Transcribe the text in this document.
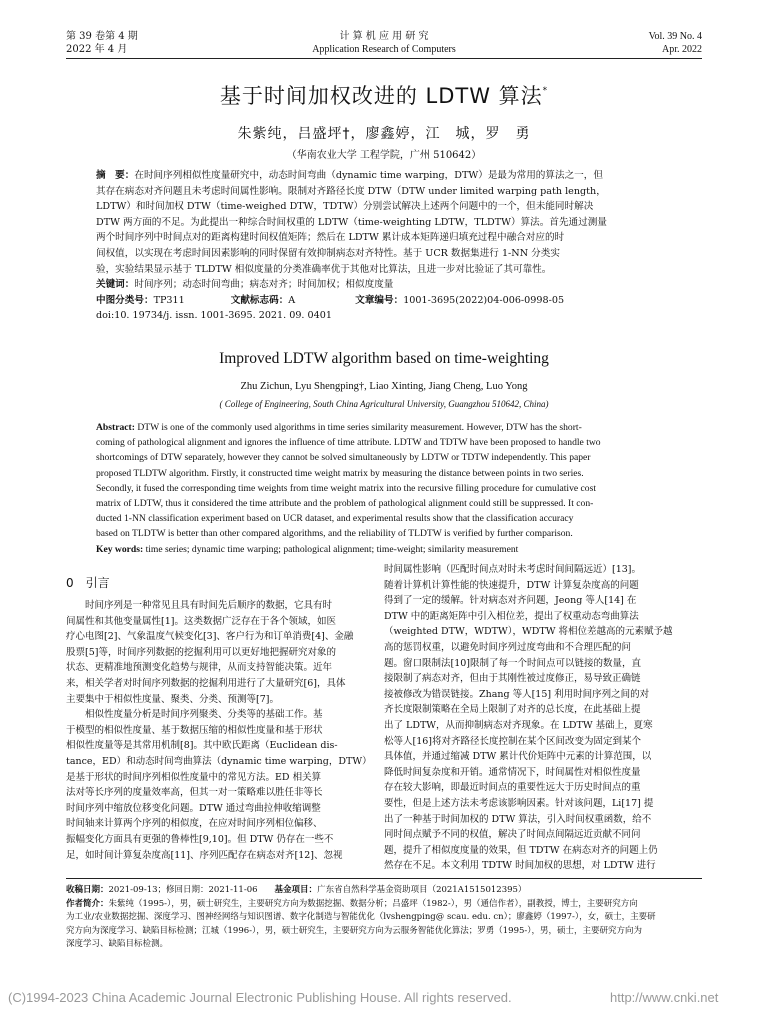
第 39 卷第 4 期
2022 年 4 月
计 算 机 应 用 研 究
Application Research of Computers
Vol. 39 No. 4
Apr. 2022
基于时间加权改进的 LDTW 算法*
朱紫纯，吕盛坪†，廖鑫婷，江　城，罗　勇
（华南农业大学 工程学院，广州 510642）
摘　要：在时间序列相似性度量研究中，动态时间弯曲（dynamic time warping，DTW）是最为常用的算法之一，但
其存在病态对齐问题且未考虑时间属性影响。限制对齐路径长度 DTW（DTW under limited warping path length，
LDTW）和时间加权 DTW（time-weighed DTW，TDTW）分别尝试解决上述两个问题中的一个，但未能同时解决
DTW 两方面的不足。为此提出一种综合时间权重的 LDTW（time-weighting LDTW，TLDTW）算法。首先通过测量
两个时间序列中时间点对的距离构建时间权值矩阵；然后在 LDTW 累计成本矩阵递归填充过程中融合对应的时
间权值，以实现在考虑时间因素影响的同时保留有效抑制病态对齐特性。基于 UCR 数据集进行 1-NN 分类实
验，实验结果显示基于 TLDTW 相似度量的分类准确率优于其他对比算法，且进一步对比验证了其可靠性。
关键词：时间序列；动态时间弯曲；病态对齐；时间加权；相似度度量
中图分类号：TP311	文献标志码：A	文章编号：1001-3695(2022)04-006-0998-05
doi:10. 19734/j. issn. 1001-3695. 2021. 09. 0401
Improved LDTW algorithm based on time-weighting
Zhu Zichun, Lyu Shengping†, Liao Xinting, Jiang Cheng, Luo Yong
( College of Engineering, South China Agricultural University, Guangzhou 510642, China)
Abstract: DTW is one of the commonly used algorithms in time series similarity measurement. However, DTW has the short-
coming of pathological alignment and ignores the influence of time attribute. LDTW and TDTW have been proposed to handle two
shortcomings of DTW separately, however they cannot be solved simultaneously by LDTW or TDTW independently. This paper
proposed TLDTW algorithm. Firstly, it constructed time weight matrix by measuring the distance between points in two series.
Secondly, it fused the corresponding time weights from time weight matrix into the recursive filling procedure for cumulative cost
matrix of LDTW, thus it considered the time attribute and the problem of pathological alignment could still be suppressed. It con-
ducted 1-NN classification experiment based on UCR dataset, and experimental results show that the classification accuracy
based on TLDTW is better than other compared algorithms, and the reliability of TLDTW is verified by further comparison.
Key words: time series; dynamic time warping; pathological alignment; time-weight; similarity measurement
0 引言

　　时间序列是一种常见且具有时间先后顺序的数据，它具有时

间属性和其他变量属性[1]。这类数据广泛存在于各个领域，如医

疗心电图[2]、气象温度气候变化[3]、客户行为和订单消费[4]、金融

股票[5]等，时间序列数据的挖掘利用可以更好地把握研究对象的

状态、更精准地预测变化趋势与规律，从而支持智能决策。近年

来，相关学者对时间序列数据的挖掘利用进行了大量研究[6]，具体

主要集中于相似性度量、聚类、分类、预测等[7]。

　　相似性度量分析是时间序列聚类、分类等的基础工作。基

于模型的相似性度量、基于数据压缩的相似性度量和基于形状

相似性度量等是其常用机制[8]。其中欧氏距离（Euclidean dis-

tance，ED）和动态时间弯曲算法（dynamic time warping，DTW）

是基于形状的时间序列相似性度量中的常见方法。ED 相关算

法对等长序列的度量效率高，但其一对一策略难以胜任非等长

时间序列中缩放位移变化问题。DTW 通过弯曲拉伸收缩调整

时间轴来计算两个序列的相似度，在应对时间序列相位偏移、

振幅变化方面具有更强的鲁棒性[9,10]。但 DTW 仍存在一些不

足，如时间计算复杂度高[11]、序列匹配存在病态对齐[12]、忽视

时间属性影响（匹配时间点对时未考虑时间间隔远近）[13]。

随着计算机计算性能的快速提升，DTW 计算复杂度高的问题

得到了一定的缓解。针对病态对齐问题，Jeong 等人[14] 在

DTW 中的距离矩阵中引入相位差，提出了权重动态弯曲算法

（weighted DTW，WDTW），WDTW 将相位差越高的元素赋予越

高的惩罚权重，以避免时间序列过度弯曲和不合理匹配的问

题。窗口限制法[10]限制了每一个时间点可以链接的数量，直

接限制了病态对齐，但由于其刚性被过度修正，易导致正确链

接被修改为错误链接。Zhang 等人[15] 利用时间序列之间的对

齐长度限制策略在全局上限制了对齐的总长度，在此基础上提

出了 LDTW，从而抑制病态对齐现象。在 LDTW 基础上，夏寒

松等人[16]将对齐路径长度控制在某个区间改变为固定到某个

具体值，并通过缩减 DTW 累计代价矩阵中元素的计算范围，以

降低时间复杂度和开销。通常情况下，时间属性对相似性度量

存在较大影响，即最近时间点的重要性远大于历史时间点的重

要性，但是上述方法未考虑该影响因素。针对该问题，Li[17] 提

出了一种基于时间加权的 DTW 算法，引入时间权重函数，给不

同时间点赋予不同的权值，解决了时间点间隔远近贡献不同问

题，提升了相似度度量的效果，但 TDTW 在病态对齐的问题上仍

然存在不足。本文利用 TDTW 时间加权的思想，对 LDTW 进行

收稿日期：2021-09-13；修回日期：2021-11-06　　基金项目：广东省自然科学基金资助项目（2021A1515012395）
作者简介：朱紫纯（1995-），男，硕士研究生，主要研究方向为数据挖掘、数据分析；吕盛坪（1982-），男（通信作者），副教授，博士，主要研究方向
为工业/农业数据挖掘、深度学习、图神经网络与知识图谱、数字化制造与智能优化（lvshengping@ scau. edu. cn）；廖鑫婷（1997-），女，硕士，主要研
究方向为深度学习、缺陷目标检测；江城（1996-），男，硕士研究生，主要研究方向为云服务智能优化算法；罗勇（1995-），男，硕士，主要研究方向为
深度学习、缺陷目标检测。
(C)1994-2023 China Academic Journal Electronic Publishing House. All rights reserved.	http://www.cnki.net
